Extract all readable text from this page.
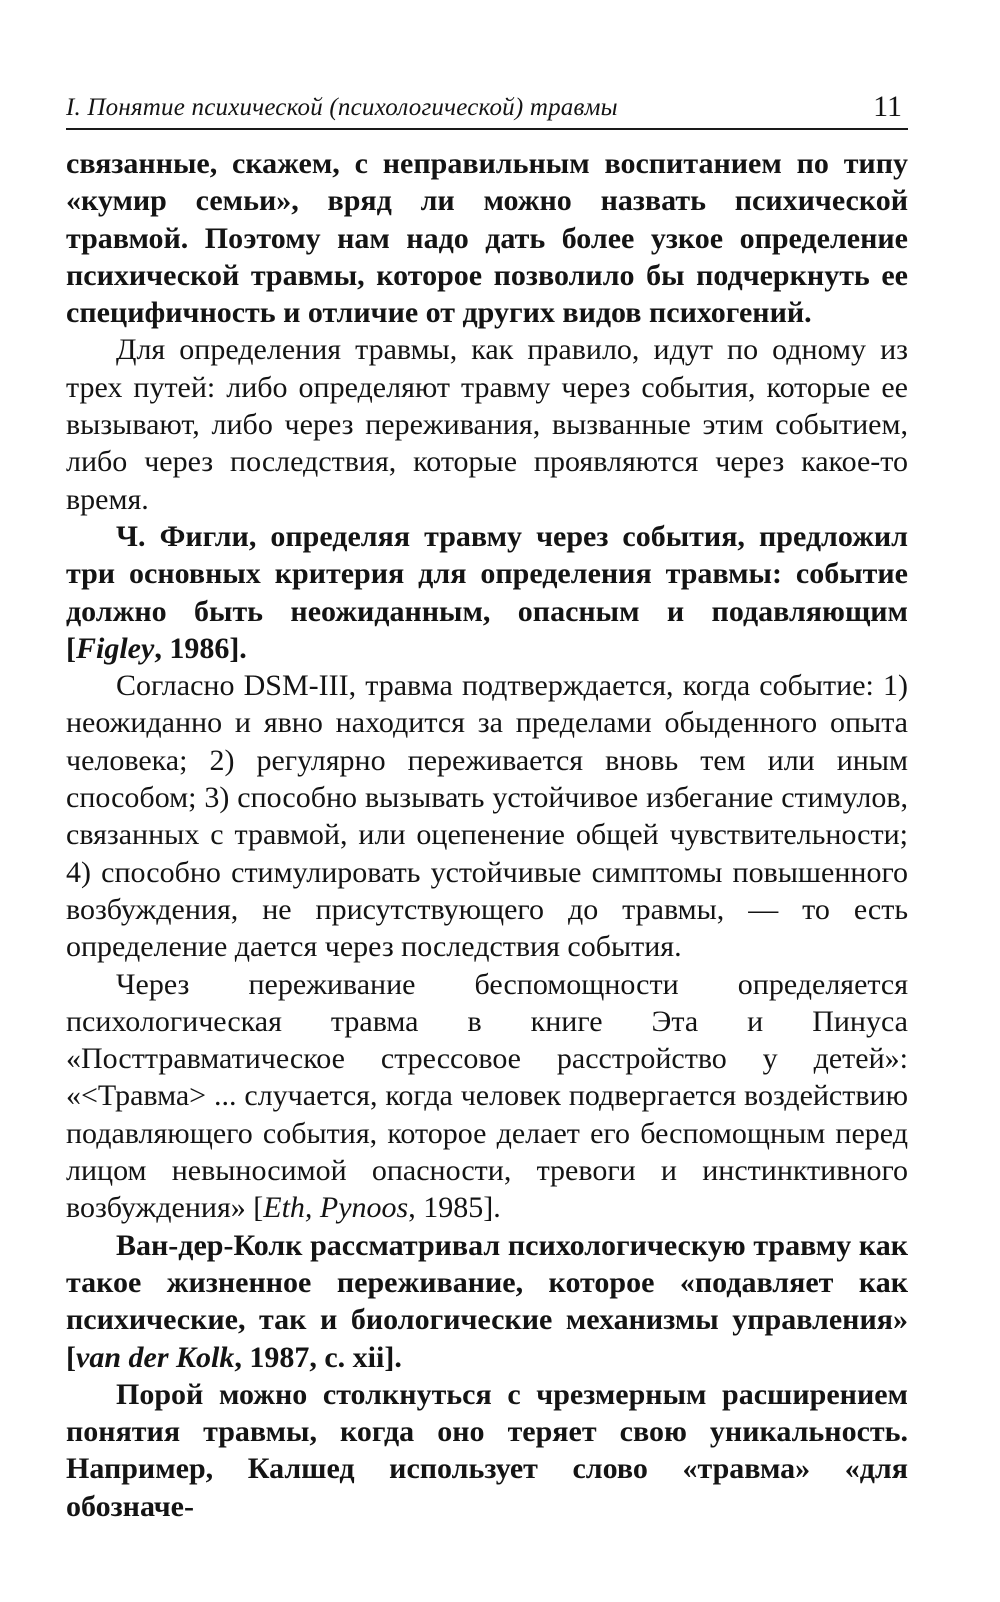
I. Понятие психической (психологической) травмы	11

связанные, скажем, с неправильным воспитанием по типу «кумир семьи», вряд ли можно назвать психической травмой. Поэтому нам надо дать более узкое определение психической травмы, которое позволило бы подчеркнуть ее специфичность и отличие от других видов психогений.

Для определения травмы, как правило, идут по одному из трех путей: либо определяют травму через события, которые ее вызывают, либо через переживания, вызванные этим событием, либо через последствия, которые проявляются через какое-то время.

Ч. Фигли, определяя травму через события, предложил три основных критерия для определения травмы: событие должно быть неожиданным, опасным и подавляющим [Figley, 1986].

Согласно DSM-III, травма подтверждается, когда событие: 1) неожиданно и явно находится за пределами обыденного опыта человека; 2) регулярно переживается вновь тем или иным способом; 3) способно вызывать устойчивое избегание стимулов, связанных с травмой, или оцепенение общей чувствительности; 4) способно стимулировать устойчивые симптомы повышенного возбуждения, не присутствующего до травмы, — то есть определение дается через последствия события.

Через переживание беспомощности определяется психологическая травма в книге Эта и Пинуса «Посттравматическое стрессовое расстройство у детей»: «<Травма> ... случается, когда человек подвергается воздействию подавляющего события, которое делает его беспомощным перед лицом невыносимой опасности, тревоги и инстинктивного возбуждения» [Eth, Pynoos, 1985].

Ван-дер-Колк рассматривал психологическую травму как такое жизненное переживание, которое «подавляет как психические, так и биологические механизмы управления» [van der Kolk, 1987, с. xii].

Порой можно столкнуться с чрезмерным расширением понятия травмы, когда оно теряет свою уникальность. Например, Калшед использует слово «травма» «для обозначе-
